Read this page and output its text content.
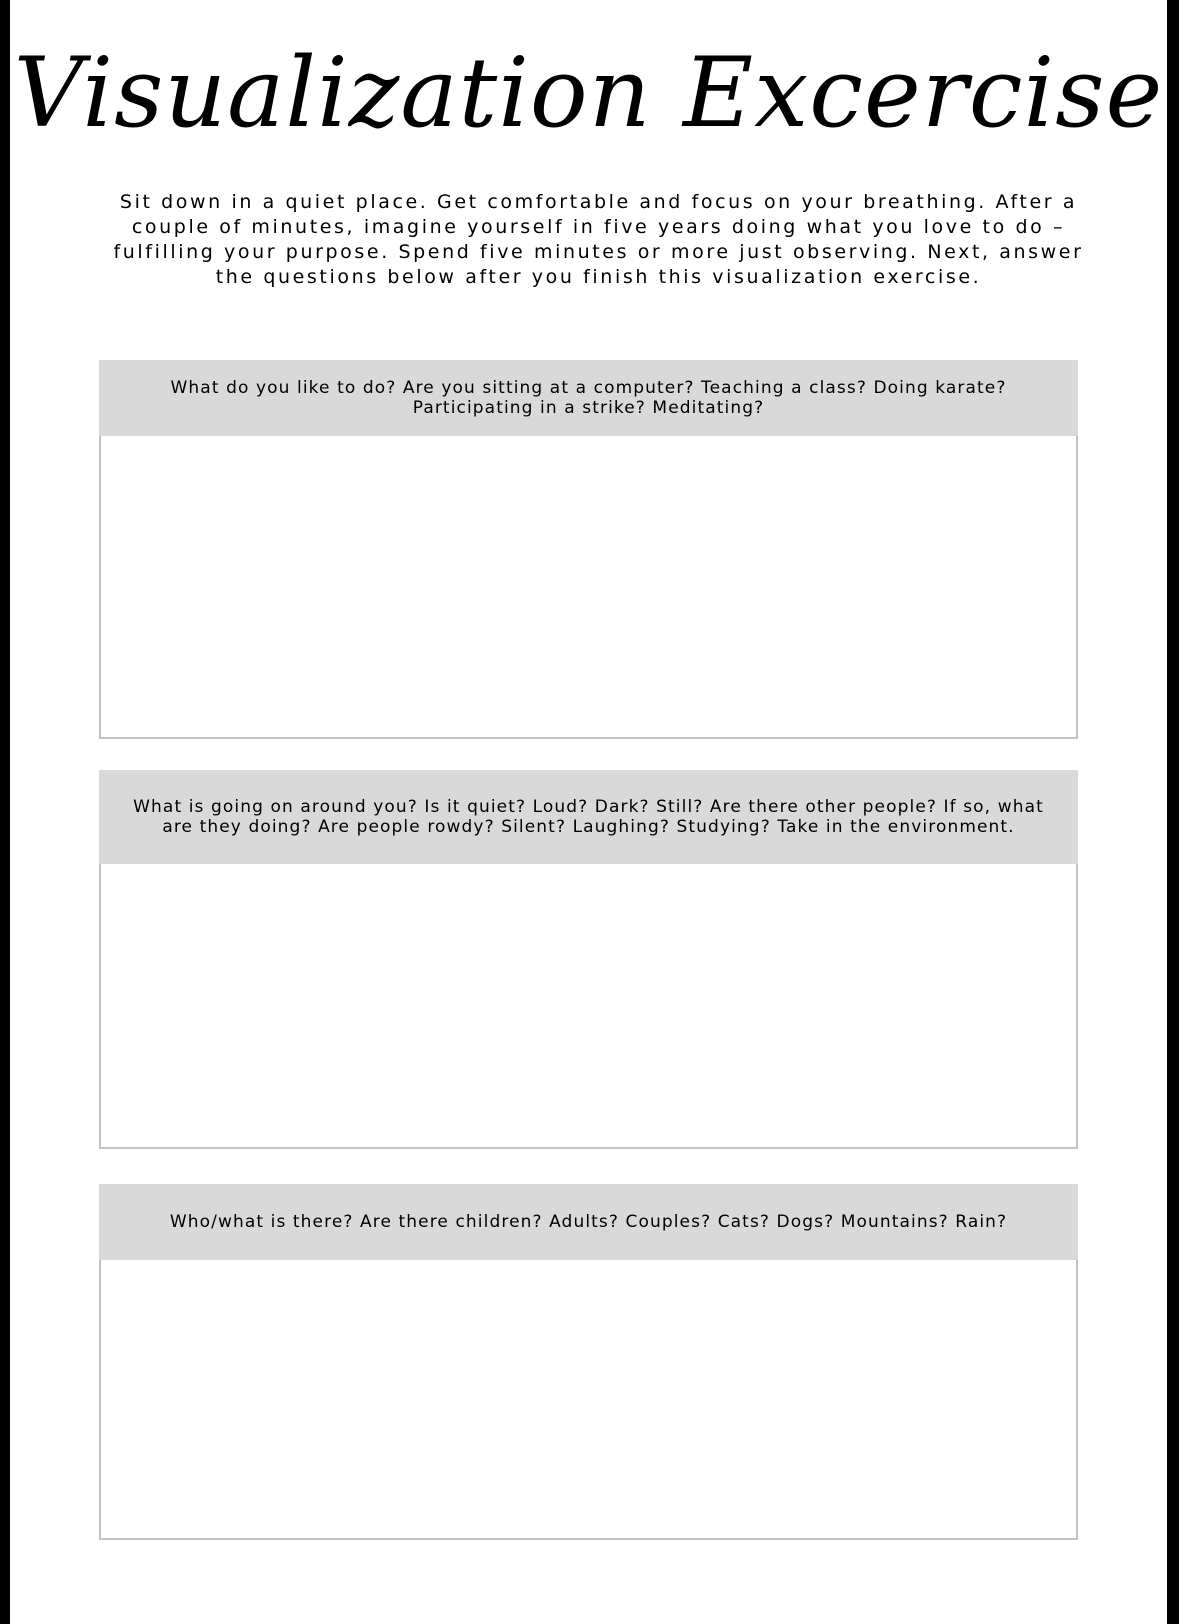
Visualization Excercise

Sit down in a quiet place. Get comfortable and focus on your breathing. After a couple of minutes, imagine yourself in five years doing what you love to do – fulfilling your purpose. Spend five minutes or more just observing. Next, answer the questions below after you finish this visualization exercise.

What do you like to do? Are you sitting at a computer? Teaching a class? Doing karate? Participating in a strike? Meditating?
What is going on around you? Is it quiet? Loud? Dark? Still? Are there other people? If so, what are they doing? Are people rowdy? Silent? Laughing? Studying? Take in the environment.
Who/what is there? Are there children? Adults? Couples? Cats? Dogs? Mountains? Rain?
